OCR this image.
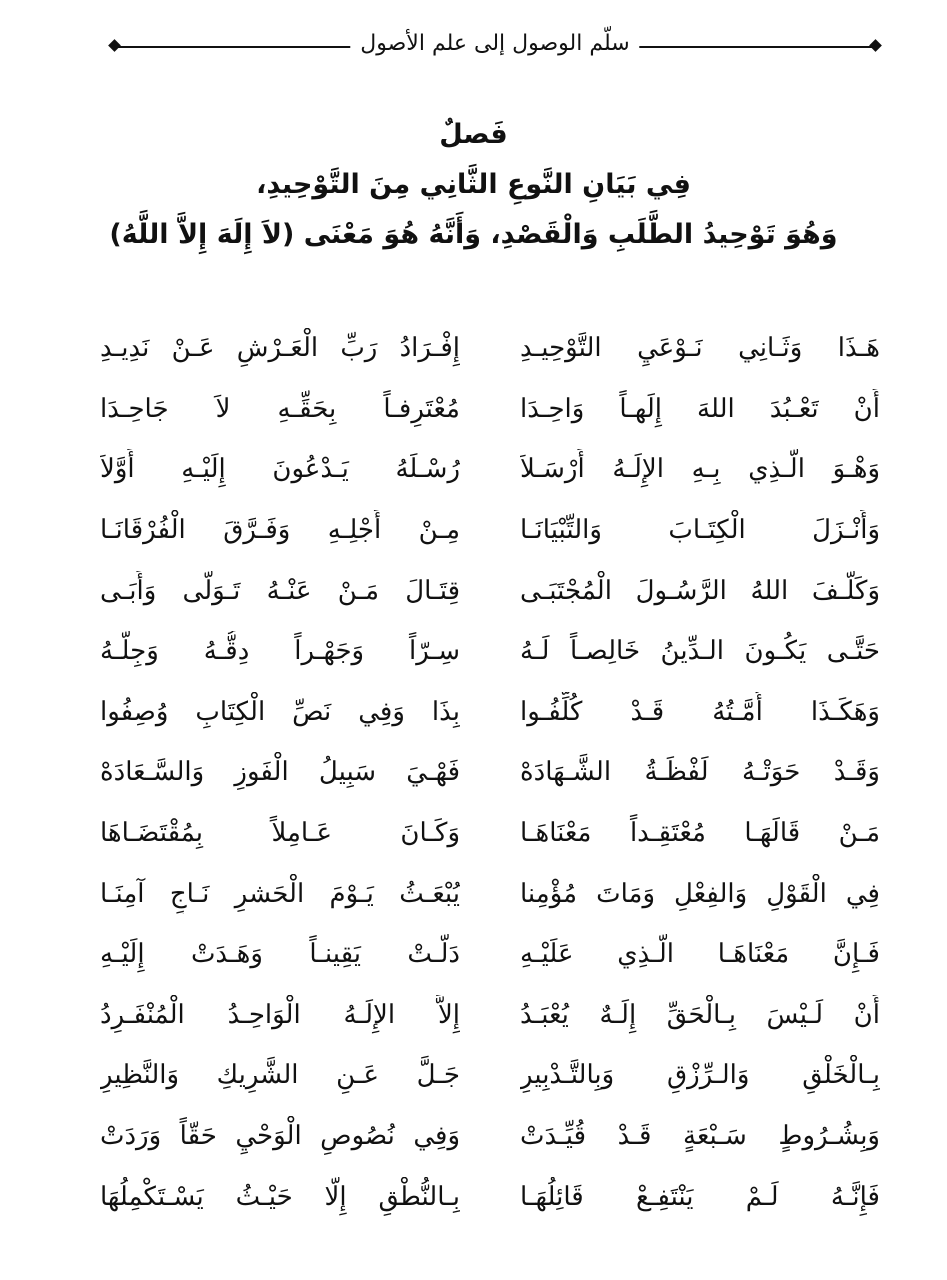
سلّم الوصول إلى علم الأصول
فَصلٌ
فِي بَيَانِ النَّوعِ الثَّانِي مِنَ التَّوْحِيدِ،
وَهُوَ تَوْحِيدُ الطَّلَبِ وَالْقَصْدِ، وَأَنَّهُ هُوَ مَعْنَى (لاَ إِلَهَ إِلاَّ اللَّهُ)
هَـذَا وَثَـانِي نَـوْعَيِ التَّوْحِيـدِ
إِفْـرَادُ رَبِّ الْعَـرْشِ عَـنْ نَدِيـدِ
أَنْ تَعْـبُدَ اللهَ إِلَهـاً وَاحِـدَا
مُعْتَرِفـاً بِحَقِّـهِ لاَ جَاحِـدَا
وَهْـوَ الَّـذِي بِـهِ الإِلَـهُ أَرْسَـلاَ
رُسْـلَهُ يَـدْعُونَ إِلَيْـهِ أَوَّلاَ
وَأَنْـزَلَ الْكِتَـابَ وَالتِّبْيَانَـا
مِـنْ أَجْلِـهِ وَفَـرَّقَ الْفُرْقَانَـا
وَكَلَّـفَ اللهُ الرَّسُـولَ الْمُجْتَبَـى
قِتَـالَ مَـنْ عَنْـهُ تَـوَلَّى وَأَبَـى
حَتَّـى يَكُـونَ الـدِّينُ خَالِصـاً لَـهُ
سِـرّاً وَجَهْـراً دِقُّـهُ وَجِلُّـهُ
وَهَكَـذَا أُمَّـتُهُ قَـدْ كُلِّفُـوا
بِذَا وَفِي نَصِّ الْكِتَابِ وُصِفُوا
وَقَـدْ حَوَتْـهُ لَفْظَـةُ الشَّـهَادَهْ
فَهْـيَ سَبِيلُ الْفَوزِ وَالسَّـعَادَهْ
مَـنْ قَالَهَـا مُعْتَقِـداً مَعْنَاهَـا
وَكَـانَ عَـامِلاً بِمُقْتَضَـاهَا
فِي الْقَوْلِ وَالفِعْلِ وَمَاتَ مُؤْمِنا
يُبْعَـثُ يَـوْمَ الْحَشرِ نَـاجٍ آمِنَـا
فَـإِنَّ مَعْنَاهَـا الَّـذِي عَلَيْـهِ
دَلَّـتْ يَقِينـاً وَهَـدَتْ إِلَيْـهِ
أَنْ لَـيْسَ بِـالْحَقِّ إِلَـهٌ يُعْبَـدُ
إِلاَّ الإِلَـهُ الْوَاحِـدُ الْمُنْفَـرِدُ
بِـالْخَلْقِ وَالـرِّزْقِ وَبِالتَّـدْبِيرِ
جَـلَّ عَـنِ الشَّرِيكِ وَالنَّظِيرِ
وَبِشُـرُوطٍ سَـبْعَةٍ قَـدْ قُيِّـدَتْ
وَفِي نُصُوصِ الْوَحْيِ حَقّاً وَرَدَتْ
فَإِنَّـهُ لَـمْ يَنْتَفِـعْ قَائِلُهَـا
بِـالنُّطْقِ إِلَّا حَيْـثُ يَسْـتَكْمِلُهَا
